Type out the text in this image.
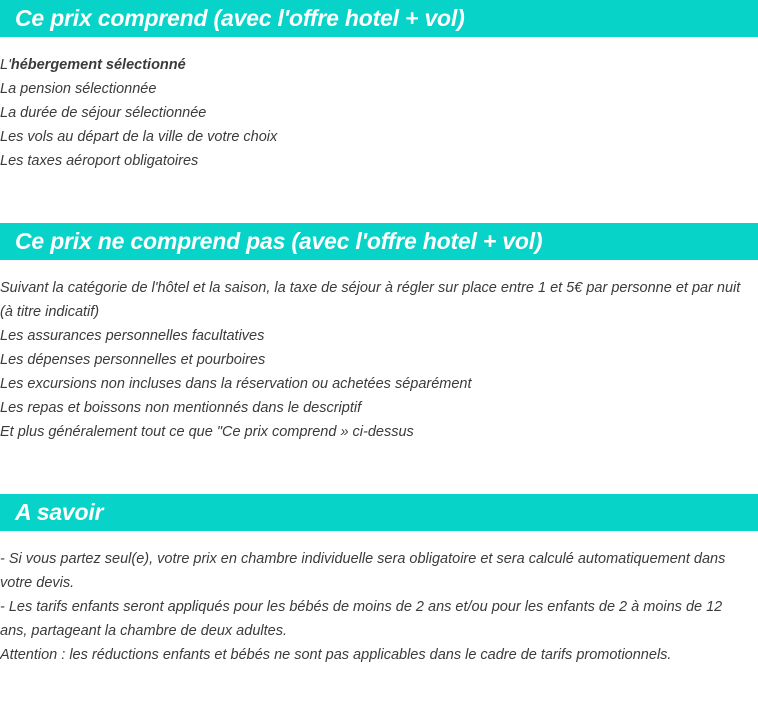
Ce prix comprend (avec l'offre hotel + vol)

L'hébergement sélectionné

La pension sélectionnée

La durée de séjour sélectionnée

Les vols au départ de la ville de votre choix

Les taxes aéroport obligatoires

Ce prix ne comprend pas (avec l'offre hotel + vol)

Suivant la catégorie de l'hôtel et la saison, la taxe de séjour à régler sur place entre 1 et 5€ par personne et par nuit (à titre indicatif)

Les assurances personnelles facultatives

Les dépenses personnelles et pourboires

Les excursions non incluses dans la réservation ou achetées séparément

Les repas et boissons non mentionnés dans le descriptif

Et plus généralement tout ce que "Ce prix comprend » ci-dessus

A savoir

- Si vous partez seul(e), votre prix en chambre individuelle sera obligatoire et sera calculé automatiquement dans votre devis.

- Les tarifs enfants seront appliqués pour les bébés de moins de 2 ans et/ou pour les enfants de 2 à moins de 12 ans, partageant la chambre de deux adultes.

Attention : les réductions enfants et bébés ne sont pas applicables dans le cadre de tarifs promotionnels.
